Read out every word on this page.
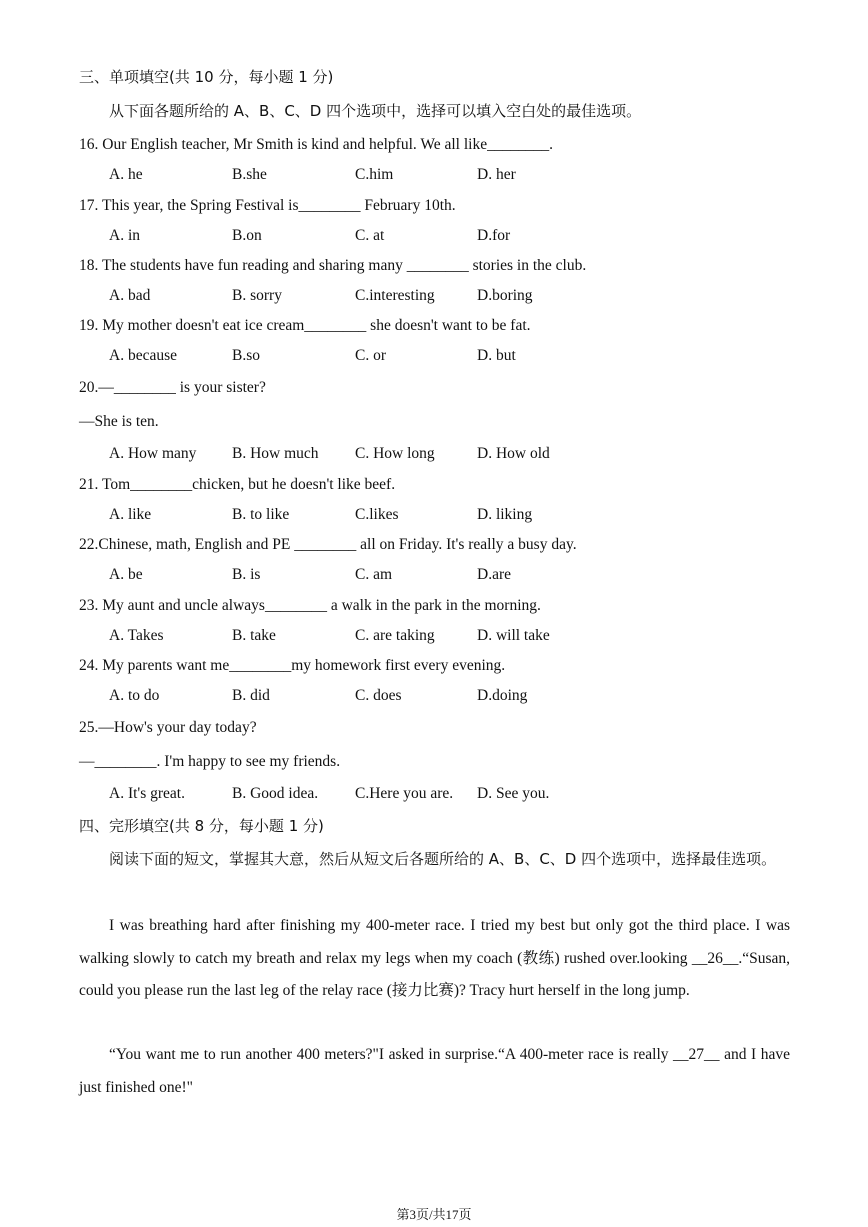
三、单项填空(共 10 分，每小题 1 分)
从下面各题所给的 A、B、C、D 四个选项中，选择可以填入空白处的最佳选项。
16. Our English teacher, Mr Smith is kind and helpful. We all like________.
A. he	B.she	C.him	D. her
17. This year, the Spring Festival is________ February 10th.
A. in	B.on	C. at	D.for
18. The students have fun reading and sharing many ________ stories in the club.
A. bad	B. sorry	C.interesting	D.boring
19. My mother doesn't eat ice cream________ she doesn't want to be fat.
A. because	B.so	C. or	D. but
20.—________ is your sister?
—She is ten.
A. How many B. How much C. How long	D. How old
21. Tom________chicken, but he doesn't like beef.
A. like	B. to like	C.likes	D. liking
22.Chinese, math, English and PE ________ all on Friday. It's really a busy day.
A. be	B. is	C. am	D.are
23. My aunt and uncle always________ a walk in the park in the morning.
A. Takes	B. take	C. are taking	D. will take
24. My parents want me________my homework first every evening.
A. to do	B. did	C. does	D.doing
25.—How's your day today?
—________. I'm happy to see my friends.
A. It's great.	B. Good idea. C.Here you are. D. See you.
四、完形填空(共 8 分，每小题 1 分)
阅读下面的短文，掌握其大意，然后从短文后各题所给的 A、B、C、D 四个选项中，选择最佳选项。
I was breathing hard after finishing my 400-meter race. I tried my best but only got the third place. I was walking slowly to catch my breath and relax my legs when my coach (教练) rushed over.looking __26__.“Susan, could you please run the last leg of the relay race (接力比赛)? Tracy hurt herself in the long jump.
“You want me to run another 400 meters?"I asked in surprise.“A 400-meter race is really __27__ and I have just finished one!"
第3页/共17页
